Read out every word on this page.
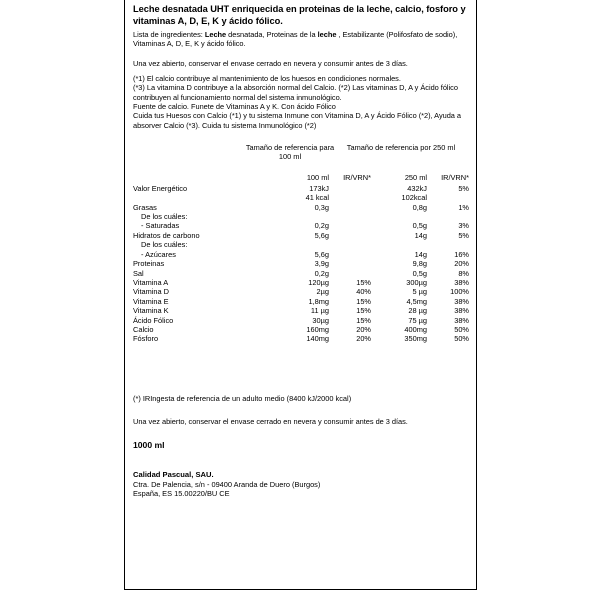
Leche desnatada UHT enriquecida en proteinas de la leche, calcio, fosforo y vitaminas A, D, E, K y ácido fólico.

Lista de ingredientes: Leche desnatada, Proteinas de la leche , Estabilizante (Polifosfato de sodio), Vitaminas A, D, E, K y ácido fólico.

Una vez abierto, conservar el envase cerrado en nevera y consumir antes de 3 días.

(*1) El calcio contribuye al mantenimiento de los huesos en condiciones normales.

(*3) La vitamina D contribuye a la absorción normal del Calcio. (*2) Las vitaminas D, A y Ácido fólico contribuyen al funcionamiento normal del sistema inmunológico.

Fuente de calcio. Funete de Vitaminas A y K. Con ácido Fólico

Cuida tus Huesos con Calcio (*1) y tu sistema Inmune con Vitamina D, A y Ácido Fólico (*2), Ayuda a absorver Calcio (*3). Cuida tu sistema Inmunológico (*2)

Tamaño de referencia para 100 ml
Tamaño de referencia por 250 ml
	100 ml	IR/VRN*	250 ml	IR/VRN*
Valor Energético	173kJ		432kJ	5%
	41 kcal		102kcal	
Grasas	0,3g		0,8g	1%
De los cuáles:				
- Saturadas	0,2g		0,5g	3%
Hidratos de carbono	5,6g		14g	5%
De los cuáles:				
- Azúcares	5,6g		14g	16%
Proteinas	3,9g		9,8g	20%
Sal	0,2g		0,5g	8%
Vitamina A	120µg	15%	300µg	38%
Vitamina D	2µg	40%	5 µg	100%
Vitamina E	1,8mg	15%	4,5mg	38%
Vitamina K	11 µg	15%	28 µg	38%
Ácido Fólico	30µg	15%	75 µg	38%
Calcio	160mg	20%	400mg	50%
Fósforo	140mg	20%	350mg	50%

(*) IRIngesta de referencia de un adulto medio (8400 kJ/2000 kcal)

Una vez abierto, conservar el envase cerrado en nevera y consumir antes de 3 días.

1000 ml

Calidad Pascual, SAU.

Ctra. De Palencia, s/n - 09400 Aranda de Duero (Burgos)

España, ES 15.00220/BU CE
